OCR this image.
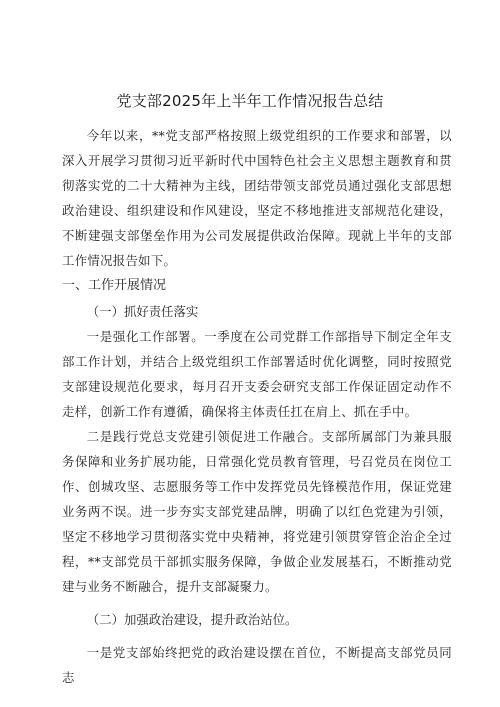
党支部2025年上半年工作情况报告总结

今年以来，**党支部严格按照上级党组织的工作要求和部署，以深入开展学习贯彻习近平新时代中国特色社会主义思想主题教育和贯彻落实党的二十大精神为主线，团结带领支部党员通过强化支部思想政治建设、组织建设和作风建设，坚定不移地推进支部规范化建设，不断建强支部堡垒作用为公司发展提供政治保障。现就上半年的支部工作情况报告如下。

一、工作开展情况

（一）抓好责任落实

一是强化工作部署。一季度在公司党群工作部指导下制定全年支部工作计划，并结合上级党组织工作部署适时优化调整，同时按照党支部建设规范化要求，每月召开支委会研究支部工作保证固定动作不走样，创新工作有遵循，确保将主体责任扛在肩上、抓在手中。

二是践行党总支党建引领促进工作融合。支部所属部门为兼具服务保障和业务扩展功能，日常强化党员教育管理，号召党员在岗位工作、创城攻坚、志愿服务等工作中发挥党员先锋模范作用，保证党建业务两不误。进一步夯实支部党建品牌，明确了以红色党建为引领，坚定不移地学习贯彻落实党中央精神，将党建引领贯穿管企治企全过程，**支部党员干部抓实服务保障，争做企业发展基石，不断推动党建与业务不断融合，提升支部凝聚力。

（二）加强政治建设，提升政治站位。

一是党支部始终把党的政治建设摆在首位，不断提高支部党员同志
